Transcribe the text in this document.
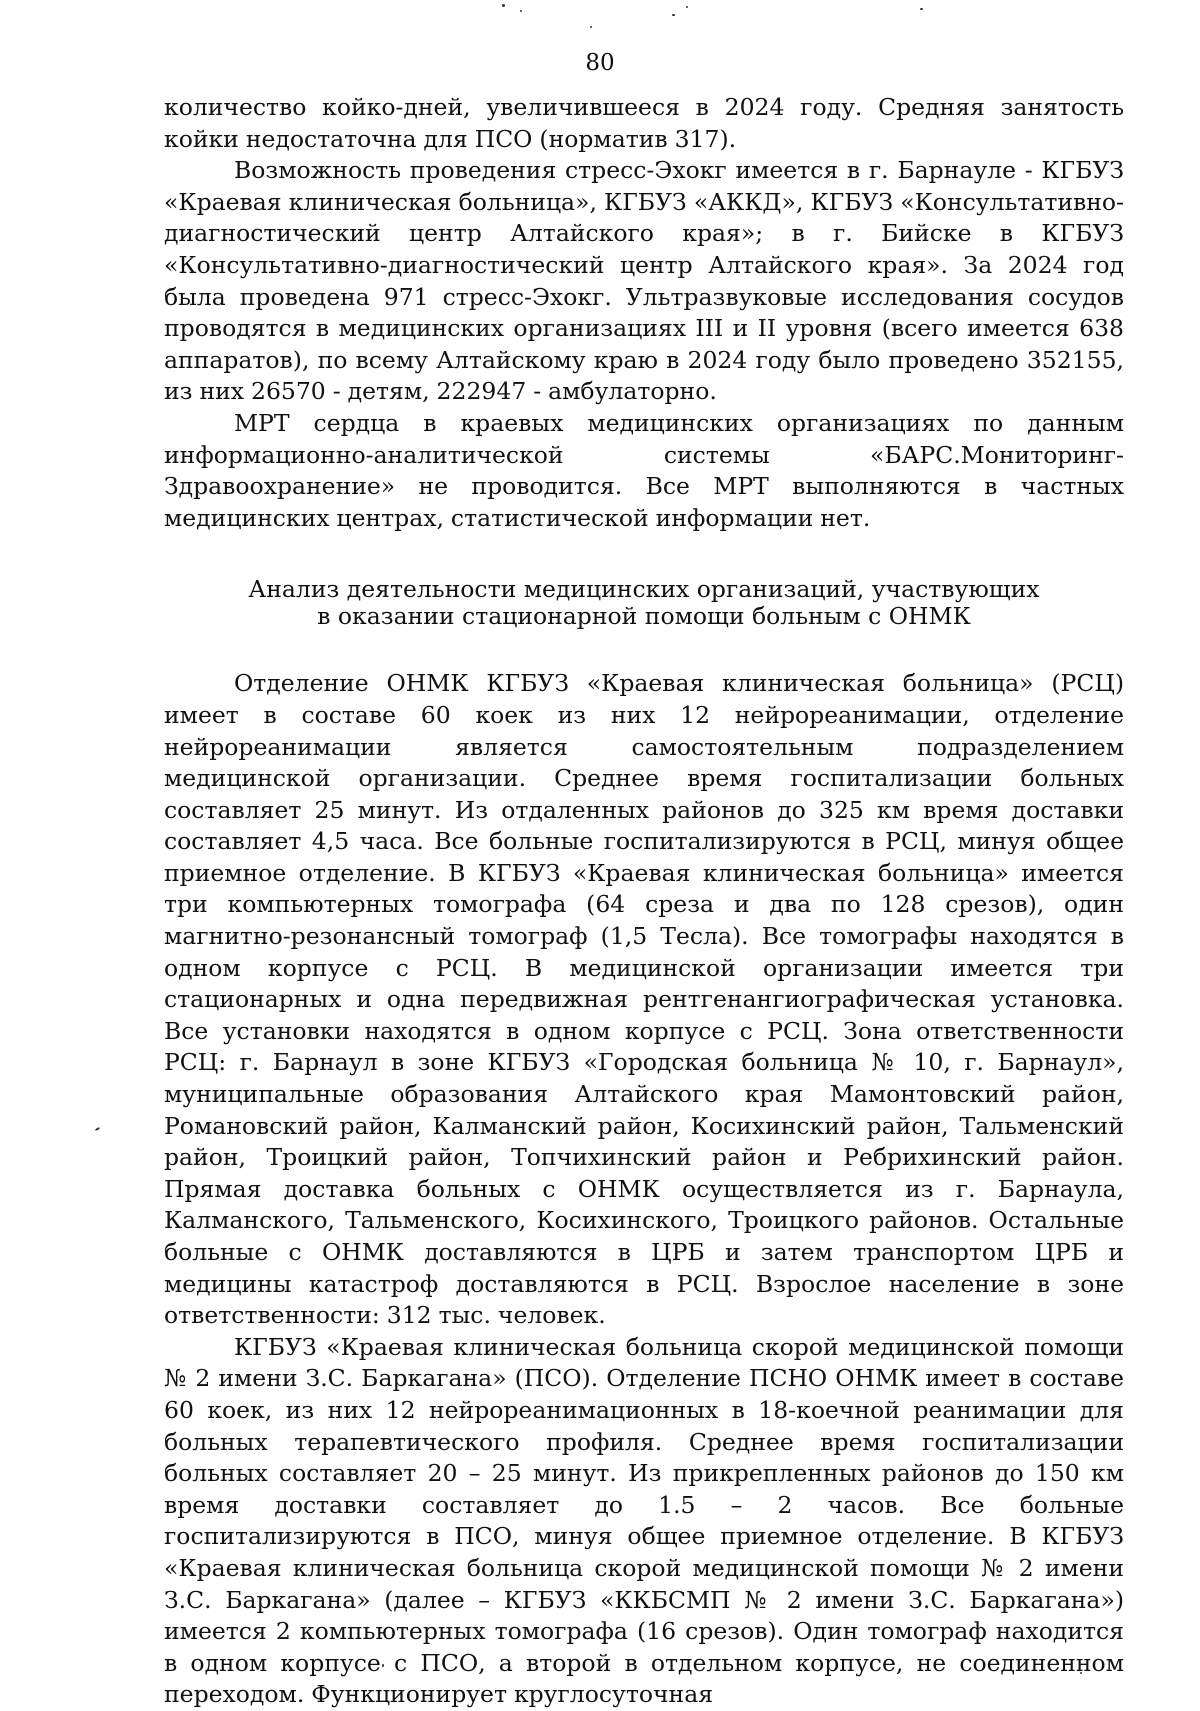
80

количество койко-дней, увеличившееся в 2024 году. Средняя занятость койки недостаточна для ПСО (норматив 317).

Возможность проведения стресс-Эхокг имеется в г. Барнауле - КГБУЗ «Краевая клиническая больница», КГБУЗ «АККД», КГБУЗ «Консультативно-диагностический центр Алтайского края»; в г. Бийске в КГБУЗ «Консультативно-диагностический центр Алтайского края». За 2024 год была проведена 971 стресс-Эхокг. Ультразвуковые исследования сосудов проводятся в медицинских организациях III и II уровня (всего имеется 638 аппаратов), по всему Алтайскому краю в 2024 году было проведено 352155, из них 26570 - детям, 222947 - амбулаторно.

МРТ сердца в краевых медицинских организациях по данным информационно-аналитической системы «БАРС.Мониторинг-Здравоохранение» не проводится. Все МРТ выполняются в частных медицинских центрах, статистической информации нет.

Анализ деятельности медицинских организаций, участвующих
в оказании стационарной помощи больным с ОНМК

Отделение ОНМК КГБУЗ «Краевая клиническая больница» (РСЦ) имеет в составе 60 коек из них 12 нейрореанимации, отделение нейрореанимации является самостоятельным подразделением медицинской организации. Среднее время госпитализации больных составляет 25 минут. Из отдаленных районов до 325 км время доставки составляет 4,5 часа. Все больные госпитализируются в РСЦ, минуя общее приемное отделение. В КГБУЗ «Краевая клиническая больница» имеется три компьютерных томографа (64 среза и два по 128 срезов), один магнитно-резонансный томограф (1,5 Тесла). Все томографы находятся в одном корпусе с РСЦ. В медицинской организации имеется три стационарных и одна передвижная рентгенангиографическая установка. Все установки находятся в одном корпусе с РСЦ. Зона ответственности РСЦ: г. Барнаул в зоне КГБУЗ «Городская больница № 10, г. Барнаул», муниципальные образования Алтайского края Мамонтовский район, Романовский район, Калманский район, Косихинский район, Тальменский район, Троицкий район, Топчихинский район и Ребрихинский район. Прямая доставка больных с ОНМК осуществляется из г. Барнаула, Калманского, Тальменского, Косихинского, Троицкого районов. Остальные больные с ОНМК доставляются в ЦРБ и затем транспортом ЦРБ и медицины катастроф доставляются в РСЦ. Взрослое население в зоне ответственности: 312 тыс. человек.

КГБУЗ «Краевая клиническая больница скорой медицинской помощи № 2 имени З.С. Баркагана» (ПСО). Отделение ПСНО ОНМК имеет в составе 60 коек, из них 12 нейрореанимационных в 18-коечной реанимации для больных терапевтического профиля. Среднее время госпитализации больных составляет 20 – 25 минут. Из прикрепленных районов до 150 км время доставки составляет до 1.5 – 2 часов. Все больные госпитализируются в ПСО, минуя общее приемное отделение. В КГБУЗ «Краевая клиническая больница скорой медицинской помощи № 2 имени З.С. Баркагана» (далее – КГБУЗ «ККБСМП № 2 имени З.С. Баркагана») имеется 2 компьютерных томографа (16 срезов). Один томограф находится в одном корпусе с ПСО, а второй в отдельном корпусе, не соединенном переходом. Функционирует круглосуточная
